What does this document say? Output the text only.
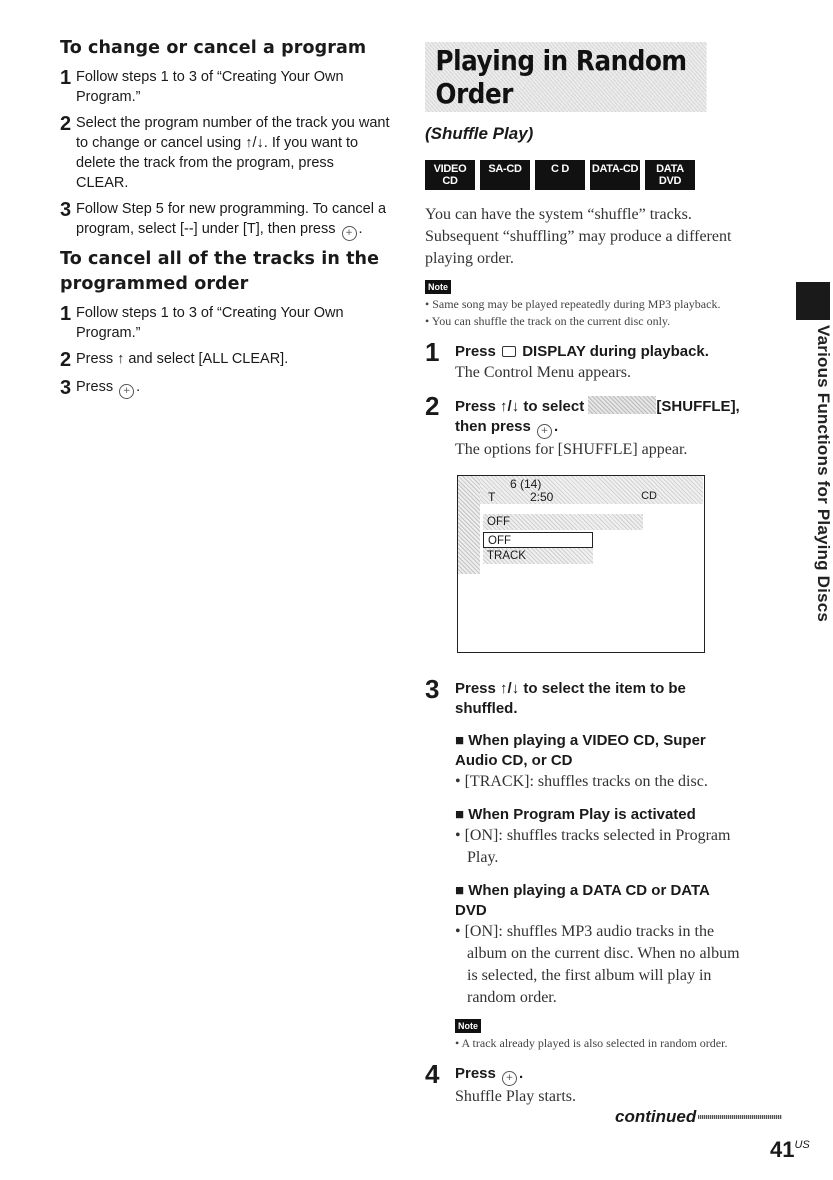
To change or cancel a program
1 Follow steps 1 to 3 of “Creating Your Own Program.”
2 Select the program number of the track you want to change or cancel using ↑/↓. If you want to delete the track from the program, press CLEAR.
3 Follow Step 5 for new programming. To cancel a program, select [--] under [T], then press + .
To cancel all of the tracks in the programmed order
1 Follow steps 1 to 3 of “Creating Your Own Program.”
2 Press ↑ and select [ALL CLEAR].
3 Press + .
Playing in Random Order
(Shuffle Play)
VIDEO CD
SA-CD	C D	DATA-CD	DATA DVD
You can have the system “shuffle” tracks. Subsequent “shuffling” may produce a different playing order.
Note
• Same song may be played repeatedly during MP3 playback.
• You can shuffle the track on the current disc only.
1	Press DISPLAY during playback.
The Control Menu appears.
2	Press ↑/↓ to select	[SHUFFLE],
then press + .
The options for [SHUFFLE] appear.
6 (14)
T	2:50	CD
OFF
OFF
TRACK
3	Press ↑/↓ to select the item to be shuffled.
■ When playing a VIDEO CD, Super Audio CD, or CD
• [TRACK]: shuffles tracks on the disc.
■ When Program Play is activated
• [ON]: shuffles tracks selected in Program Play.
■ When playing a DATA CD or DATA DVD
• [ON]: shuffles MP3 audio tracks in the album on the current disc. When no album is selected, the first album will play in random order.
Note
• A track already played is also selected in random order.
4	Press + .
Shuffle Play starts.
Various Functions for Playing Discs
continued
$41^{US}$
